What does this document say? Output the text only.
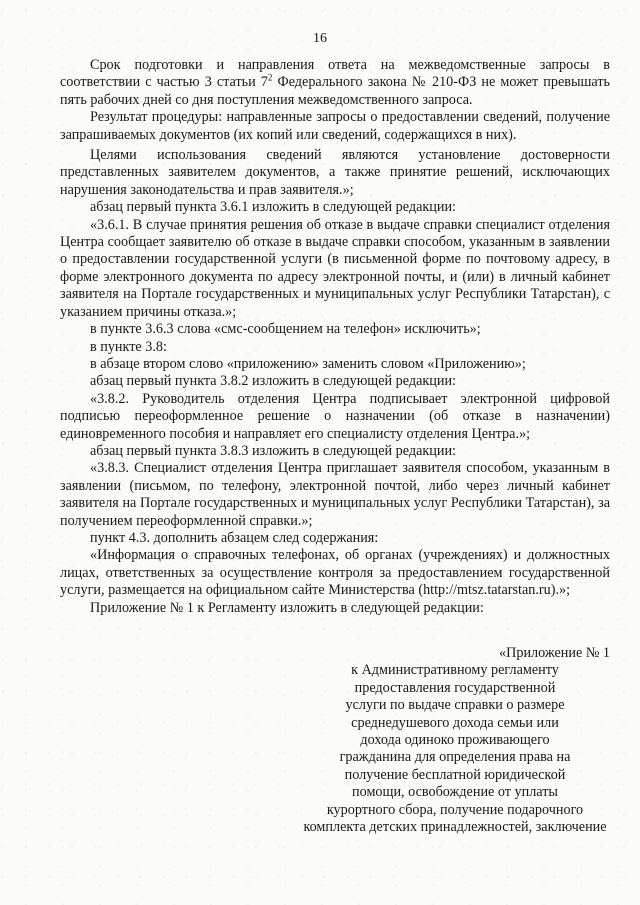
16

Срок подготовки и направления ответа на межведомственные запросы в соответствии с частью 3 статьи $7^2$ Федерального закона № 210-ФЗ не может превышать пять рабочих дней со дня поступления межведомственного запроса.

Результат процедуры: направленные запросы о предоставлении сведений, получение запрашиваемых документов (их копий или сведений, содержащихся в них).

Целями использования сведений являются установление достоверности представленных заявителем документов, а также принятие решений, исключающих нарушения законодательства и прав заявителя.»;

абзац первый пункта 3.6.1 изложить в следующей редакции:

«3.6.1. В случае принятия решения об отказе в выдаче справки специалист отделения Центра сообщает заявителю об отказе в выдаче справки способом, указанным в заявлении о предоставлении государственной услуги (в письменной форме по почтовому адресу, в форме электронного документа по адресу электронной почты, и (или) в личный кабинет заявителя на Портале государственных и муниципальных услуг Республики Татарстан), с указанием причины отказа.»;

в пункте 3.6.3 слова «смс-сообщением на телефон» исключить»;

в пункте 3.8:

в абзаце втором слово «приложению» заменить словом «Приложению»;

абзац первый пункта 3.8.2 изложить в следующей редакции:

«3.8.2. Руководитель отделения Центра подписывает электронной цифровой подписью переоформленное решение о назначении (об отказе в назначении) единовременного пособия и направляет его специалисту отделения Центра.»;

абзац первый пункта 3.8.3 изложить в следующей редакции:

«3.8.3. Специалист отделения Центра приглашает заявителя способом, указанным в заявлении (письмом, по телефону, электронной почтой, либо через личный кабинет заявителя на Портале государственных и муниципальных услуг Республики Татарстан), за получением переоформленной справки.»;

пункт 4.3. дополнить абзацем след содержания:

«Информация о справочных телефонах, об органах (учреждениях) и должностных лицах, ответственных за осуществление контроля за предоставлением государственной услуги, размещается на официальном сайте Министерства (http://mtsz.tatarstan.ru).»;

Приложение № 1 к Регламенту изложить в следующей редакции:

«Приложение № 1
к Административному регламенту
предоставления государственной
услуги по выдаче справки о размере
среднедушевого дохода семьи или
дохода одиноко проживающего
гражданина для определения права на
получение бесплатной юридической
помощи, освобождение от уплаты
курортного сбора, получение подарочного
комплекта детских принадлежностей, заключение
